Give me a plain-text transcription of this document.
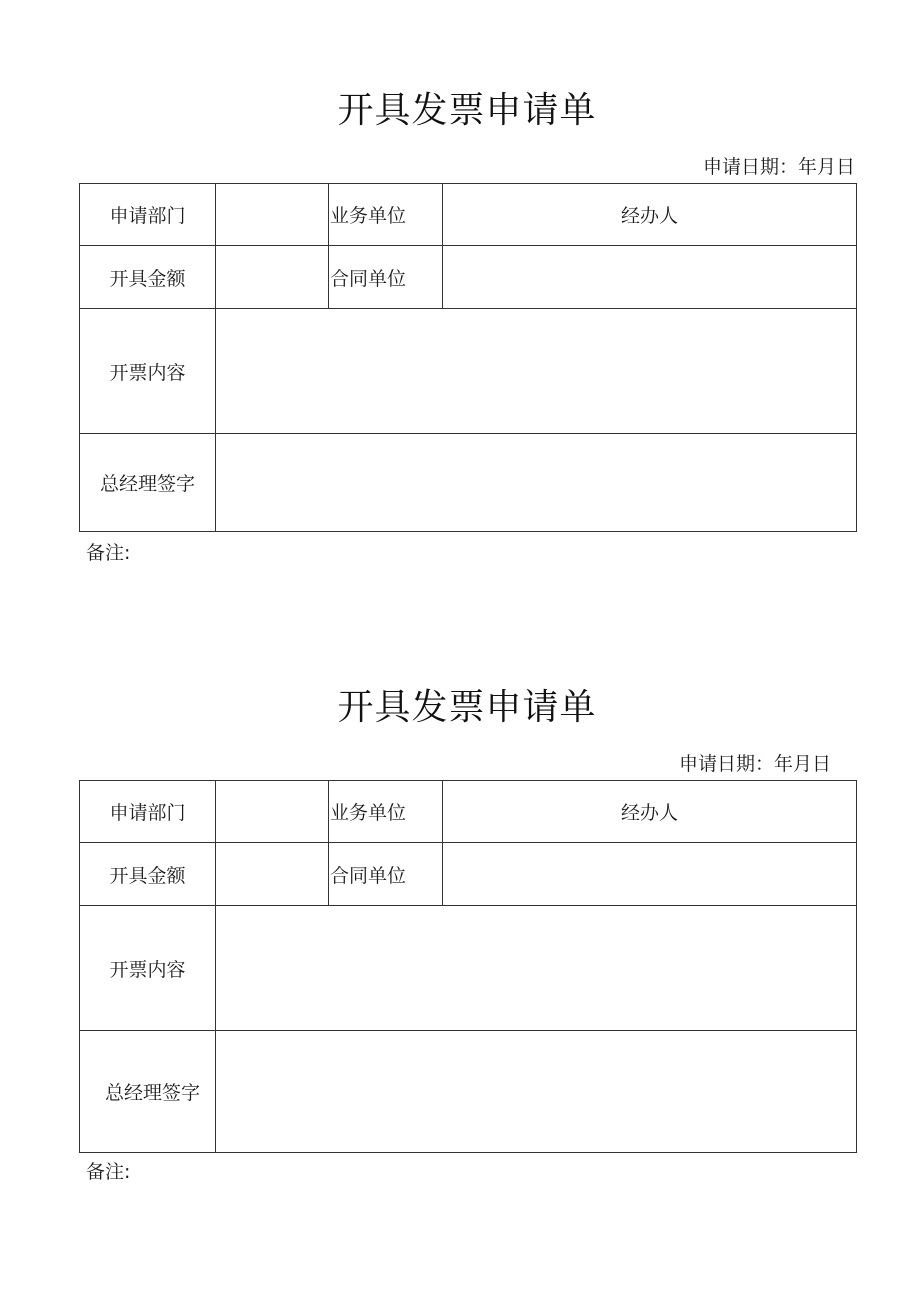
开具发票申请单
申请日期：年月日
申请部门		业务单位	经办人
开具金额		合同单位	
开票内容			
总经理签字			
备注:
开具发票申请单
申请日期：年月日
申请部门		业务单位	经办人
开具金额		合同单位	
开票内容			
总经理签字			
备注:
